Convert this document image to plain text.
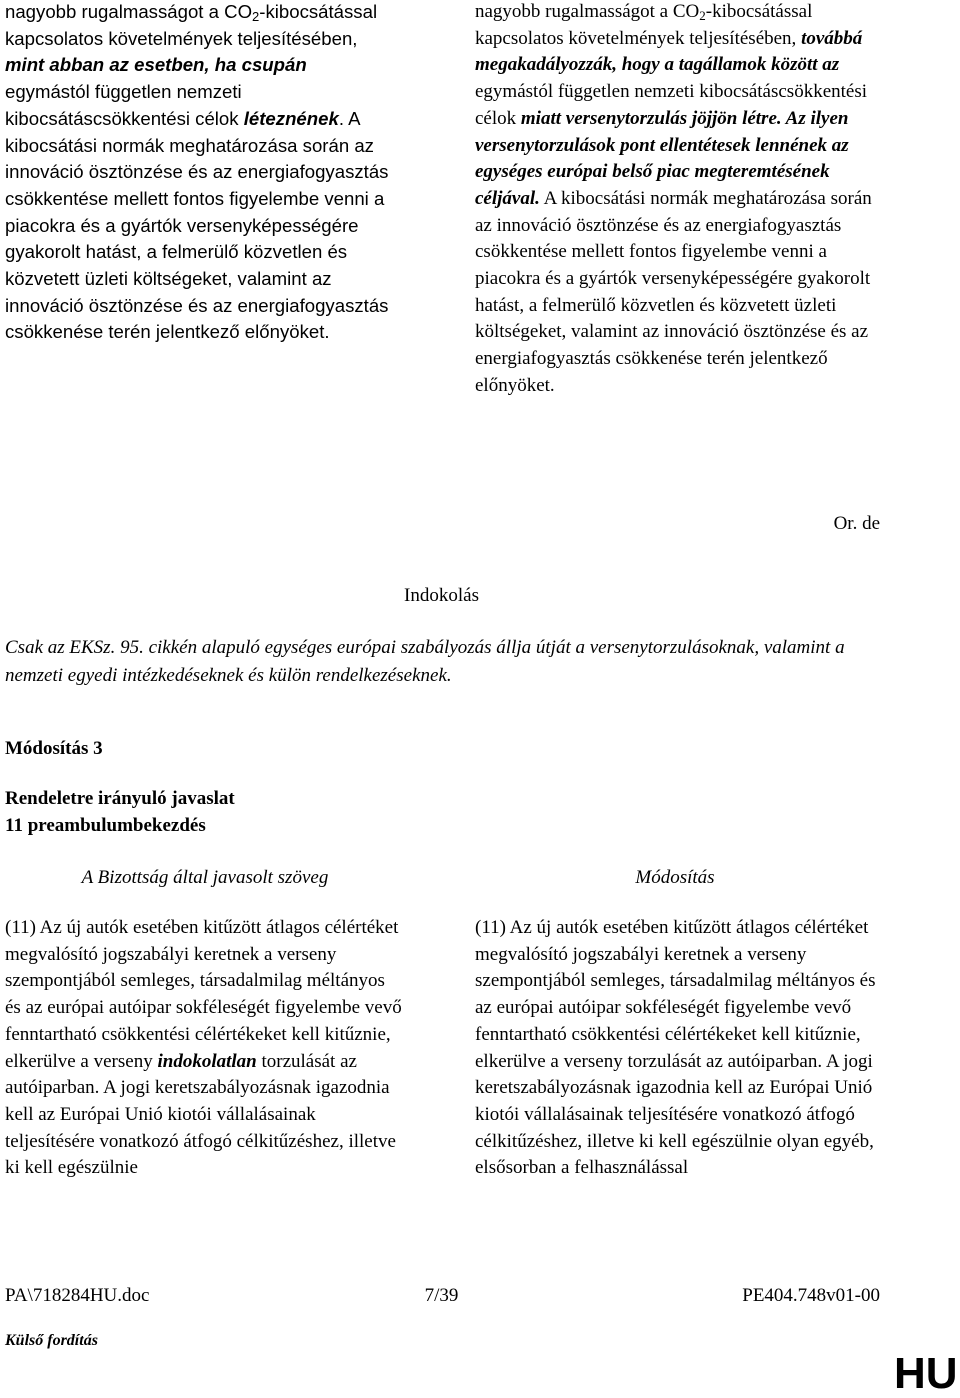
nagyobb rugalmasságot a $CO_2$-kibocsátással kapcsolatos követelmények teljesítésében, mint abban az esetben, ha csupán egymástól független nemzeti kibocsátáscsökkentési célok léteznének. A kibocsátási normák meghatározása során az innováció ösztönzése és az energiafogyasztás csökkentése mellett fontos figyelembe venni a piacokra és a gyártók versenyképességére gyakorolt hatást, a felmerülő közvetlen és közvetett üzleti költségeket, valamint az innováció ösztönzése és az energiafogyasztás csökkenése terén jelentkező előnyöket.

nagyobb rugalmasságot a $CO_2$-kibocsátással kapcsolatos követelmények teljesítésében, továbbá megakadályozzák, hogy a tagállamok között az egymástól független nemzeti kibocsátáscsökkentési célok miatt versenytorzulás jöjjön létre. Az ilyen versenytorzulások pont ellentétesek lennének az egységes európai belső piac megteremtésének céljával. A kibocsátási normák meghatározása során az innováció ösztönzése és az energiafogyasztás csökkentése mellett fontos figyelembe venni a piacokra és a gyártók versenyképességére gyakorolt hatást, a felmerülő közvetlen és közvetett üzleti költségeket, valamint az innováció ösztönzése és az energiafogyasztás csökkenése terén jelentkező előnyöket.

Or. de

Indokolás

Csak az EKSz. 95. cikkén alapuló egységes európai szabályozás állja útját a versenytorzulásoknak, valamint a nemzeti egyedi intézkedéseknek és külön rendelkezéseknek.

Módosítás 3

Rendeletre irányuló javaslat

11 preambulumbekezdés

A Bizottság által javasolt szöveg	Módosítás

(11) Az új autók esetében kitűzött átlagos célértéket megvalósító jogszabályi keretnek a verseny szempontjából semleges, társadalmilag méltányos és az európai autóipar sokféleségét figyelembe vevő fenntartható csökkentési célértékeket kell kitűznie, elkerülve a verseny indokolatlan torzulását az autóiparban. A jogi keretszabályozásnak igazodnia kell az Európai Unió kiotói vállalásainak teljesítésére vonatkozó átfogó célkitűzéshez, illetve ki kell egészülnie

(11) Az új autók esetében kitűzött átlagos célértéket megvalósító jogszabályi keretnek a verseny szempontjából semleges, társadalmilag méltányos és az európai autóipar sokféleségét figyelembe vevő fenntartható csökkentési célértékeket kell kitűznie, elkerülve a verseny torzulását az autóiparban. A jogi keretszabályozásnak igazodnia kell az Európai Unió kiotói vállalásainak teljesítésére vonatkozó átfogó célkitűzéshez, illetve ki kell egészülnie olyan egyéb, elsősorban a felhasználással

PA\718284HU.doc	7/39	PE404.748v01-00

Külső fordítás

HU
